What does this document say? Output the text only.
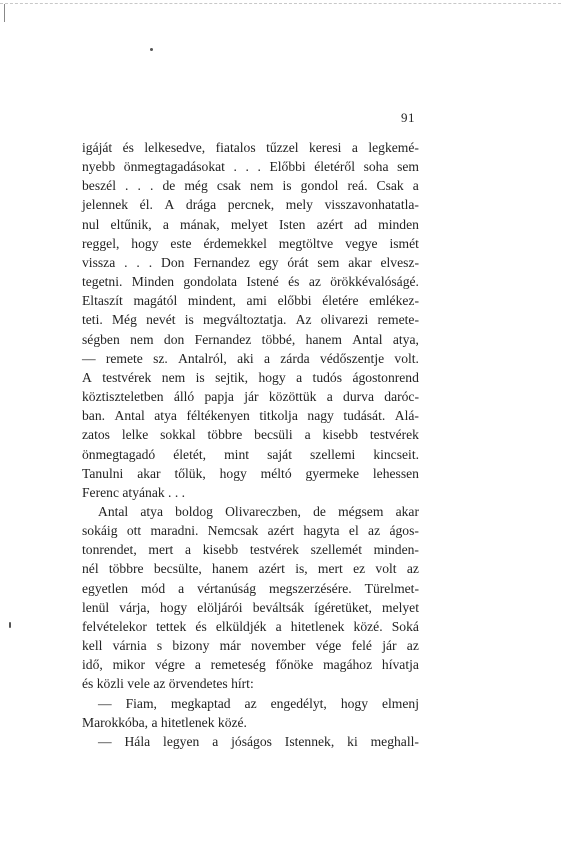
91
igáját és lelkesedve, fiatalos tűzzel keresi a legkemé-
nyebb önmegtagadásokat . . . Előbbi életéről soha sem
beszél . . . de még csak nem is gondol reá. Csak a
jelennek él. A drága percnek, mely visszavonhatatla-
nul eltűnik, a mának, melyet Isten azért ad minden
reggel, hogy este érdemekkel megtöltve vegye ismét
vissza . . . Don Fernandez egy órát sem akar elvesz-
tegetni. Minden gondolata Istené és az örökkévalóságé.
Eltaszít magától mindent, ami előbbi életére emlékez-
teti. Még nevét is megváltoztatja. Az olivarezi remete-
ségben nem don Fernandez többé, hanem Antal atya,
— remete sz. Antalról, aki a zárda védőszentje volt.
A testvérek nem is sejtik, hogy a tudós ágostonrend
köztiszteletben álló papja jár közöttük a durva daróc-
ban. Antal atya féltékenyen titkolja nagy tudását. Alá-
zatos lelke sokkal többre becsüli a kisebb testvérek
önmegtagadó életét, mint saját szellemi kincseit.
Tanulni akar tőlük, hogy méltó gyermeke lehessen
Ferenc atyának . . .
Antal atya boldog Olivareczben, de mégsem akar
sokáig ott maradni. Nemcsak azért hagyta el az ágos-
tonrendet, mert a kisebb testvérek szellemét minden-
nél többre becsülte, hanem azért is, mert ez volt az
egyetlen mód a vértanúság megszerzésére. Türelmet-
lenül várja, hogy elöljárói beváltsák ígéretüket, melyet
felvételekor tettek és elküldjék a hitetlenek közé. Soká
kell várnia s bizony már november vége felé jár az
idő, mikor végre a remeteség főnöke magához hívatja
és közli vele az örvendetes hírt:
— Fiam, megkaptad az engedélyt, hogy elmenj
Marokkóba, a hitetlenek közé.
— Hála legyen a jóságos Istennek, ki meghall-
